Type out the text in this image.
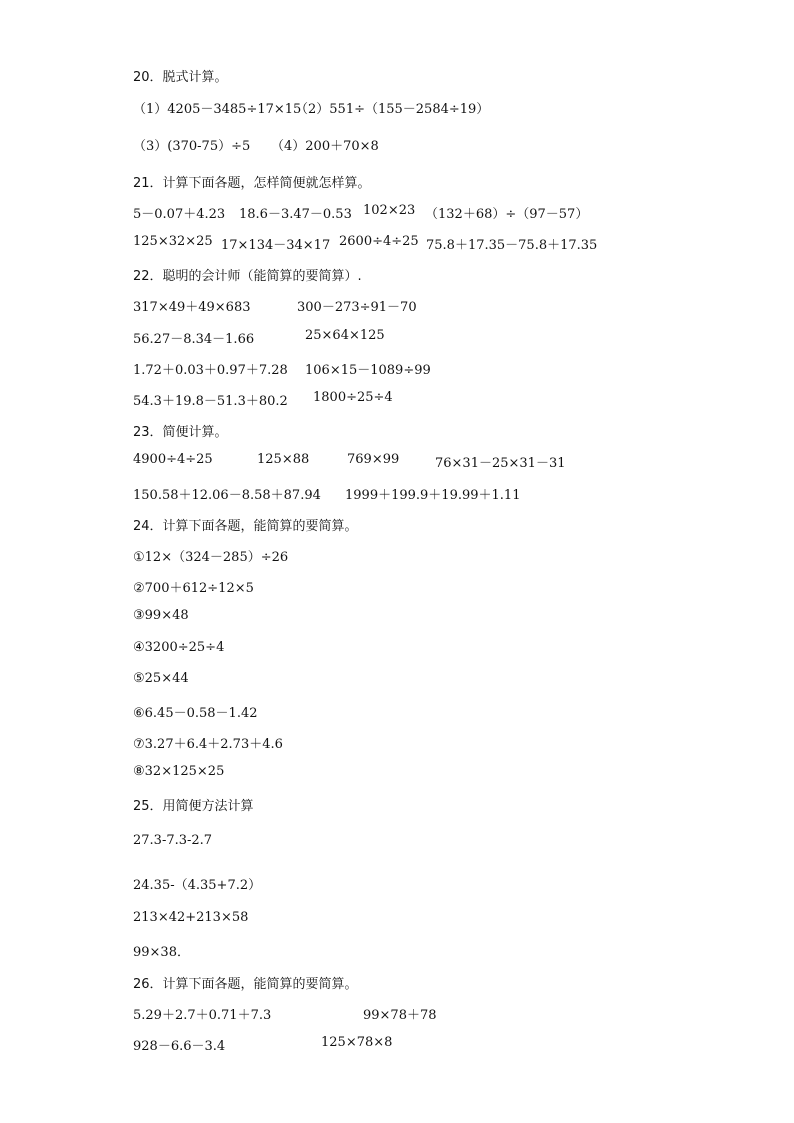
20．脱式计算。
（1）4205－3485÷17×15
（2）551÷（155－2584÷19）
（3）(370-75）÷5 （4）200＋70×8
21．计算下面各题，怎样简便就怎样算。
5－0.07＋4.23 18.6－3.47－0.53 102×23 （132＋68）÷（97－57）
125×32×25 17×134－34×17 2600÷4÷25 75.8＋17.35－75.8＋17.35
22．聪明的会计师（能简算的要简算）.
317×49＋49×683	300－273÷91－70
56.27－8.34－1.66	25×64×125
1.72＋0.03＋0.97＋7.28 106×15－1089÷99
54.3＋19.8－51.3＋80.2 1800÷25÷4
23．简便计算。
4900÷4÷25	125×88	769×99	76×31－25×31－31
150.58＋12.06－8.58＋87.94 1999＋199.9＋19.99＋1.11
24．计算下面各题，能简算的要简算。
①12×（324－285）÷26
②700＋612÷12×5
③99×48
④3200÷25÷4
⑤25×44
⑥6.45－0.58－1.42
⑦3.27＋6.4＋2.73＋4.6
⑧32×125×25
25．用简便方法计算
27.3-7.3-2.7
24.35-（4.35+7.2）
213×42+213×58
99×38．
26．计算下面各题，能简算的要简算。
5.29＋2.7＋0.71＋7.3	99×78＋78
928－6.6－3.4	125×78×8
